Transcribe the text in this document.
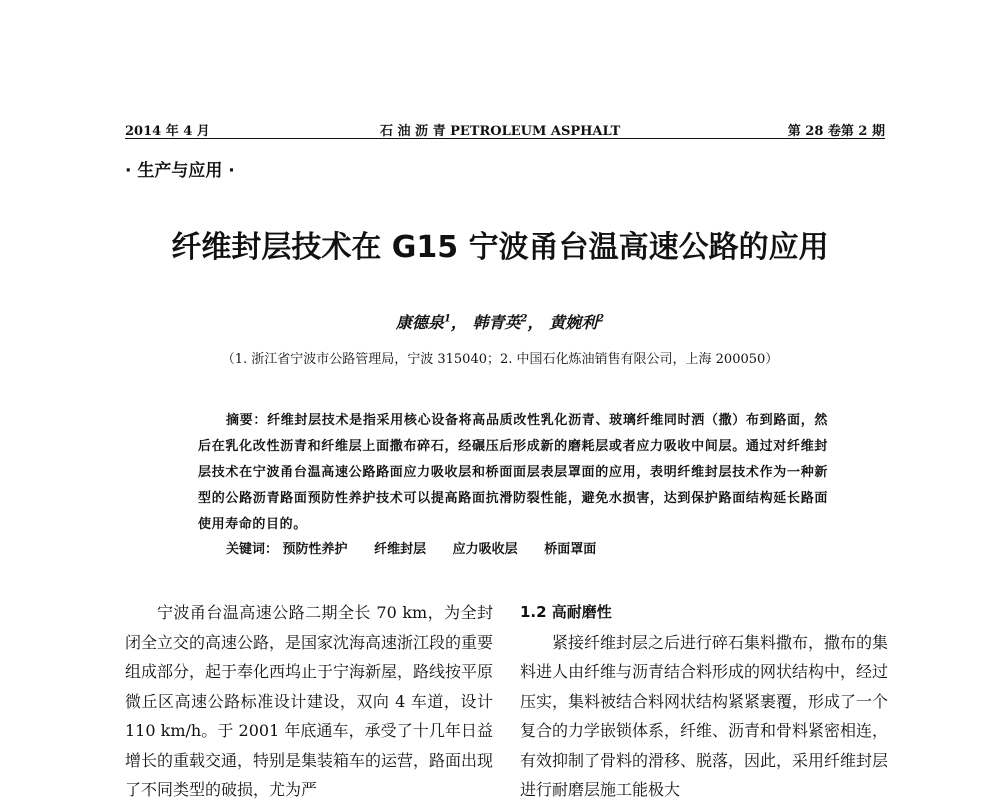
2014 年 4 月	石 油 沥 青 PETROLEUM ASPHALT	第 28 卷第 2 期
· 生产与应用 ·
纤维封层技术在 G15 宁波甬台温高速公路的应用
康德泉$^1$， 韩青英$^2$， 黄婉利$^2$
（1. 浙江省宁波市公路管理局，宁波 315040；2. 中国石化炼油销售有限公司，上海 200050）
摘要：纤维封层技术是指采用核心设备将高品质改性乳化沥青、玻璃纤维同时洒（撒）布到路面，然后在乳化改性沥青和纤维层上面撒布碎石，经碾压后形成新的磨耗层或者应力吸收中间层。通过对纤维封层技术在宁波甬台温高速公路路面应力吸收层和桥面面层表层罩面的应用，表明纤维封层技术作为一种新型的公路沥青路面预防性养护技术可以提高路面抗滑防裂性能，避免水损害，达到保护路面结构延长路面使用寿命的目的。
关键词： 预防性养护 纤维封层 应力吸收层 桥面罩面

宁波甬台温高速公路二期全长 70 km，为全封闭全立交的高速公路，是国家沈海高速浙江段的重要组成部分，起于奉化西坞止于宁海新屋，路线按平原微丘区高速公路标准设计建设，双向 4 车道，设计 110 km/h。于 2001 年底通车，承受了十几年日益增长的重载交通，特别是集装箱车的运营，路面出现了不同类型的破损，尤为严

1.2 高耐磨性

紧接纤维封层之后进行碎石集料撒布，撒布的集料进人由纤维与沥青结合料形成的网状结构中，经过压实，集料被结合料网状结构紧紧裹覆，形成了一个复合的力学嵌锁体系，纤维、沥青和骨料紧密相连，有效抑制了骨料的滑移、脱落，因此，采用纤维封层进行耐磨层施工能极大
